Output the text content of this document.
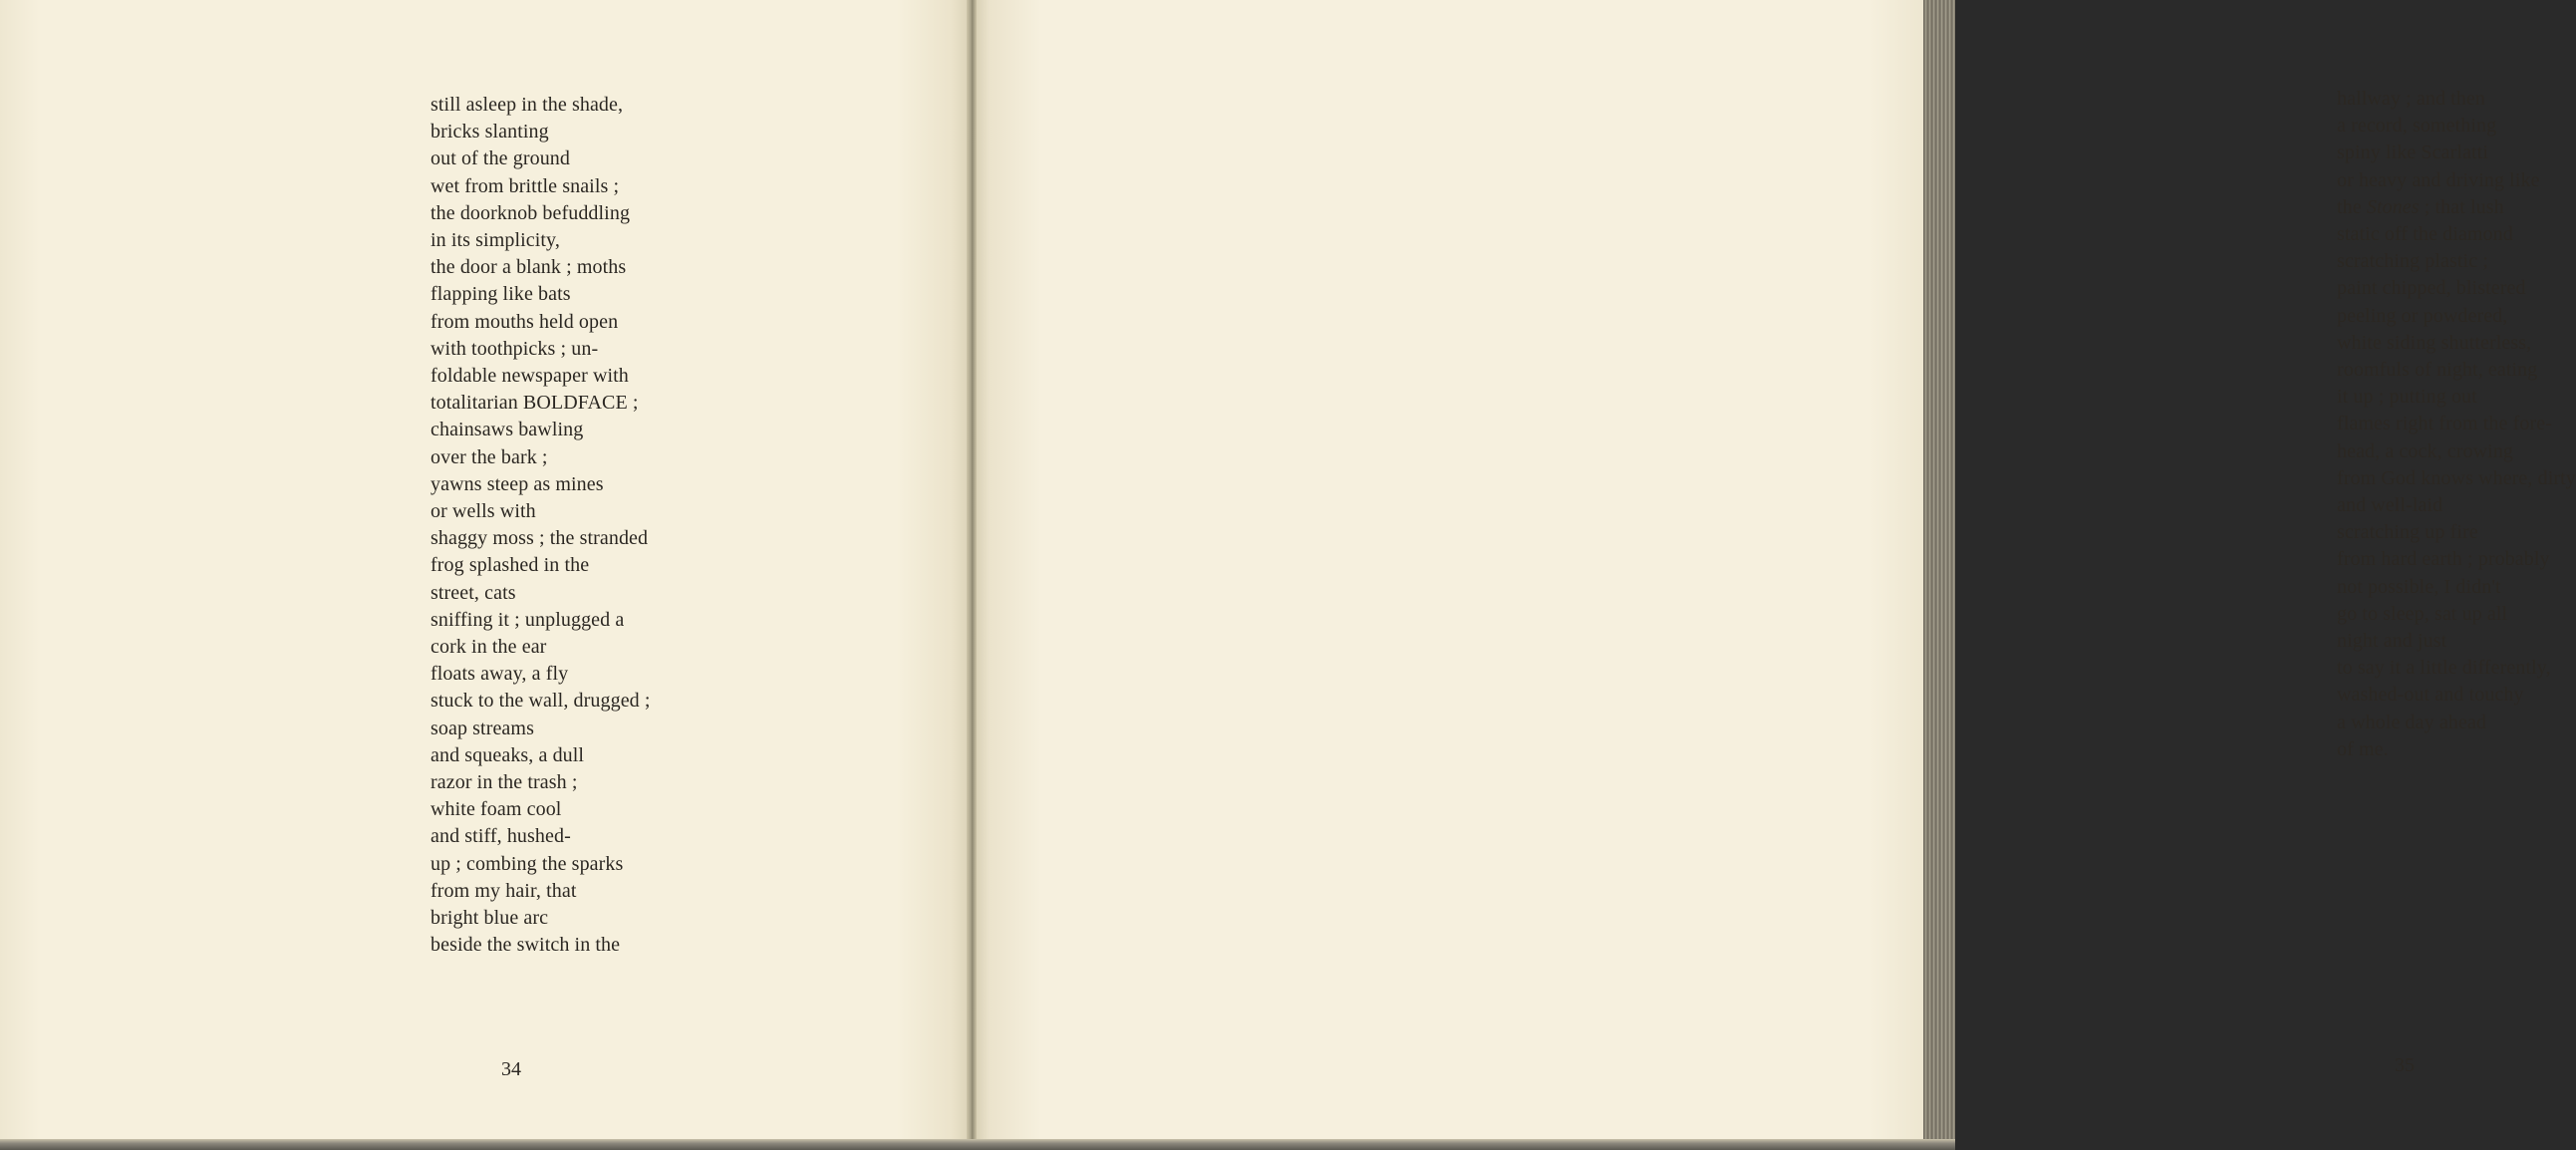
still asleep in the shade,
bricks slanting
out of the ground
wet from brittle snails ;
the doorknob befuddling
in its simplicity,
the door a blank ; moths
flapping like bats
from mouths held open
with toothpicks ; un-
foldable newspaper with
totalitarian BOLDFACE ;
chainsaws bawling
over the bark ;
yawns steep as mines
or wells with
shaggy moss ; the stranded
frog splashed in the
street, cats
sniffing it ; unplugged a
cork in the ear
floats away, a fly
stuck to the wall, drugged ;
soap streams
and squeaks, a dull
razor in the trash ;
white foam cool
and stiff, hushed-
up ; combing the sparks
from my hair, that
bright blue arc
beside the switch in the
34
hallway ; and then
a record, something
spiny like Scarlatti
or heavy and driving like
the Stones ; that lush
static off the diamond
scratching plastic ;
paint chipped, blistered
peeling or powdered,
white siding shutterless,
roomfuls of night, eating
it up ; putting out
flames right from the fore-
head, a cock, crowing
from God knows where, dirty
and well-laid
scratching up fire
from hard earth ; probably
not possible, I didn't
go to sleep, sat up all
night and just
to say it a little differently,
washed-out and touchy
a whole day ahead
of me.
35
